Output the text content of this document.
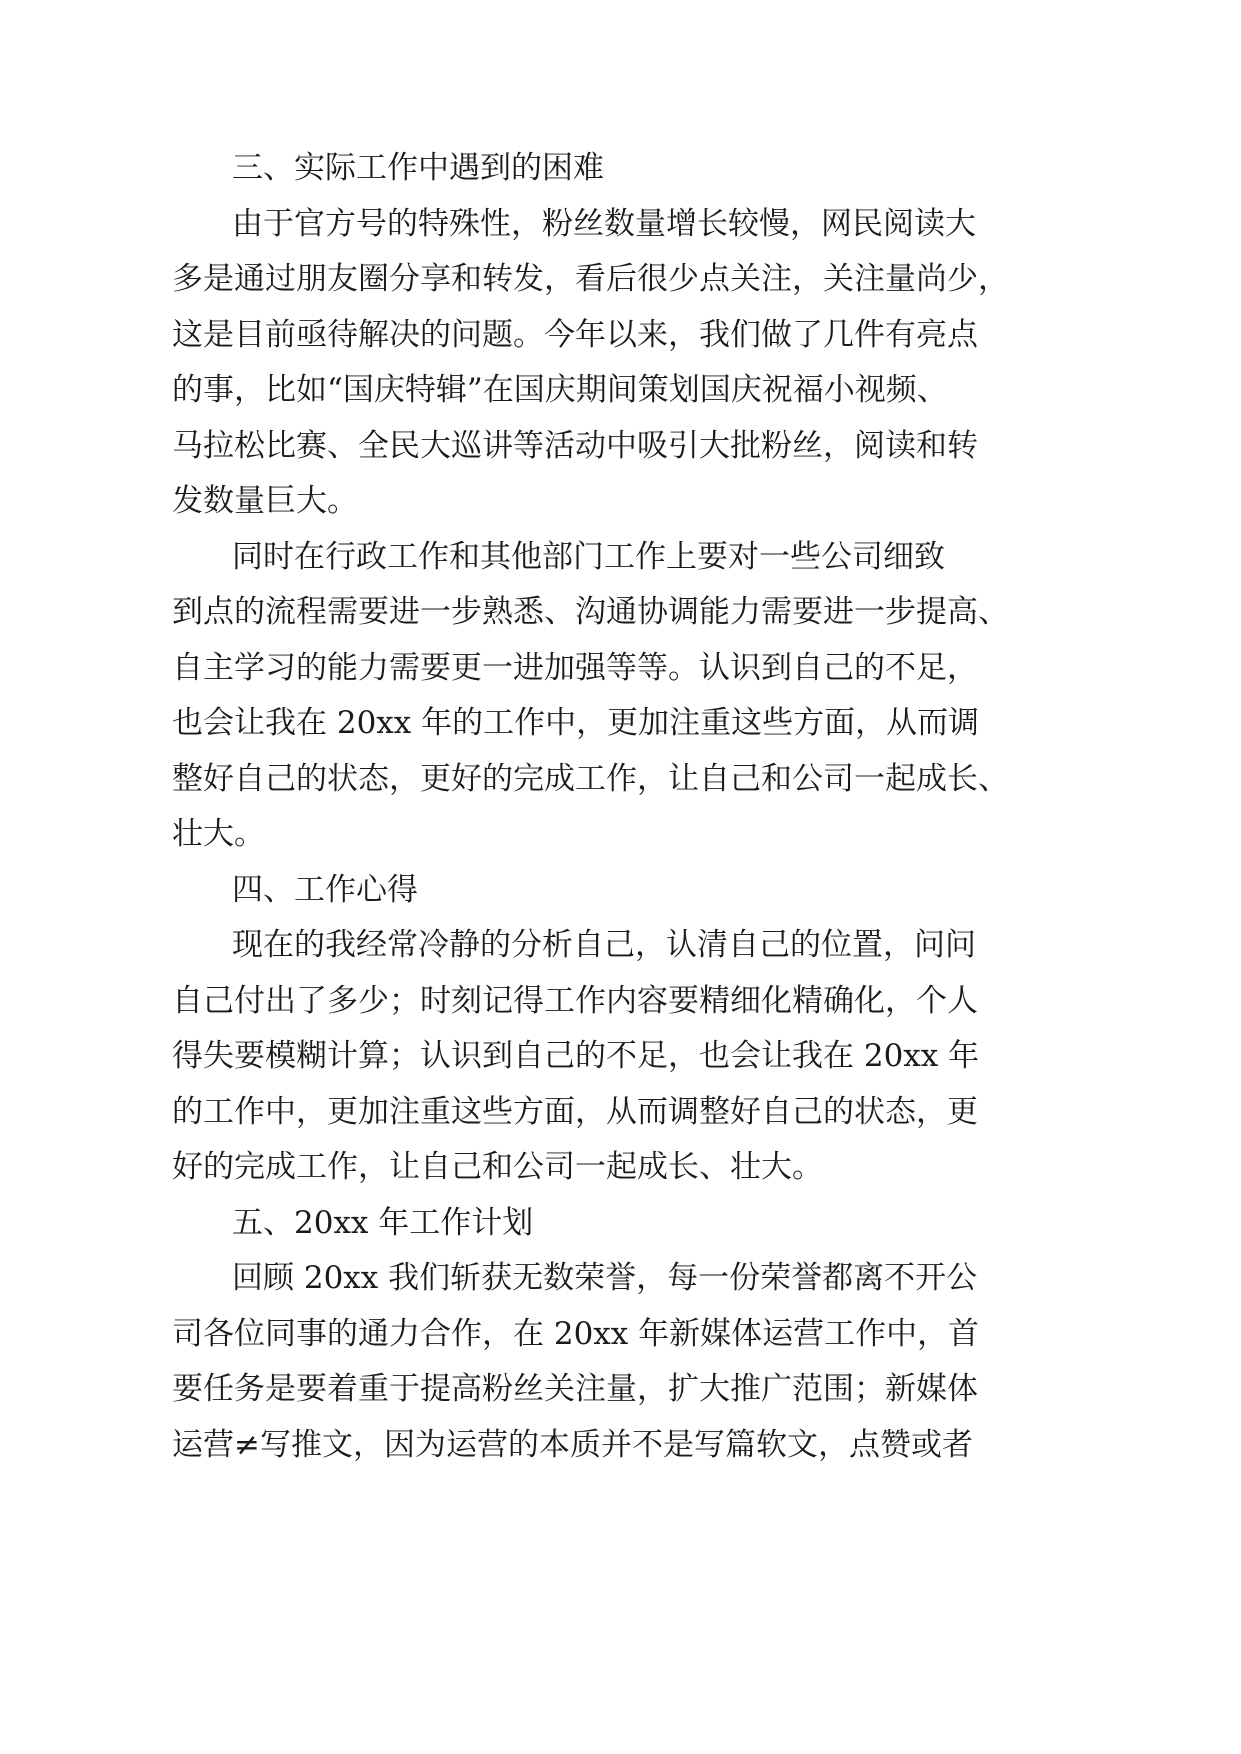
三、实际工作中遇到的困难
由于官方号的特殊性，粉丝数量增长较慢，网民阅读大
多是通过朋友圈分享和转发，看后很少点关注，关注量尚少，
这是目前亟待解决的问题。今年以来，我们做了几件有亮点
的事，比如“国庆特辑”在国庆期间策划国庆祝福小视频、
马拉松比赛、全民大巡讲等活动中吸引大批粉丝，阅读和转
发数量巨大。
同时在行政工作和其他部门工作上要对一些公司细致
到点的流程需要进一步熟悉、沟通协调能力需要进一步提高、
自主学习的能力需要更一进加强等等。认识到自己的不足，
也会让我在 20xx 年的工作中，更加注重这些方面，从而调
整好自己的状态，更好的完成工作，让自己和公司一起成长、
壮大。
四、工作心得
现在的我经常冷静的分析自己，认清自己的位置，问问
自己付出了多少；时刻记得工作内容要精细化精确化，个人
得失要模糊计算；认识到自己的不足，也会让我在 20xx 年
的工作中，更加注重这些方面，从而调整好自己的状态，更
好的完成工作，让自己和公司一起成长、壮大。
五、20xx 年工作计划
回顾 20xx 我们斩获无数荣誉，每一份荣誉都离不开公
司各位同事的通力合作，在 20xx 年新媒体运营工作中，首
要任务是要着重于提高粉丝关注量，扩大推广范围；新媒体
运营≠写推文，因为运营的本质并不是写篇软文，点赞或者
